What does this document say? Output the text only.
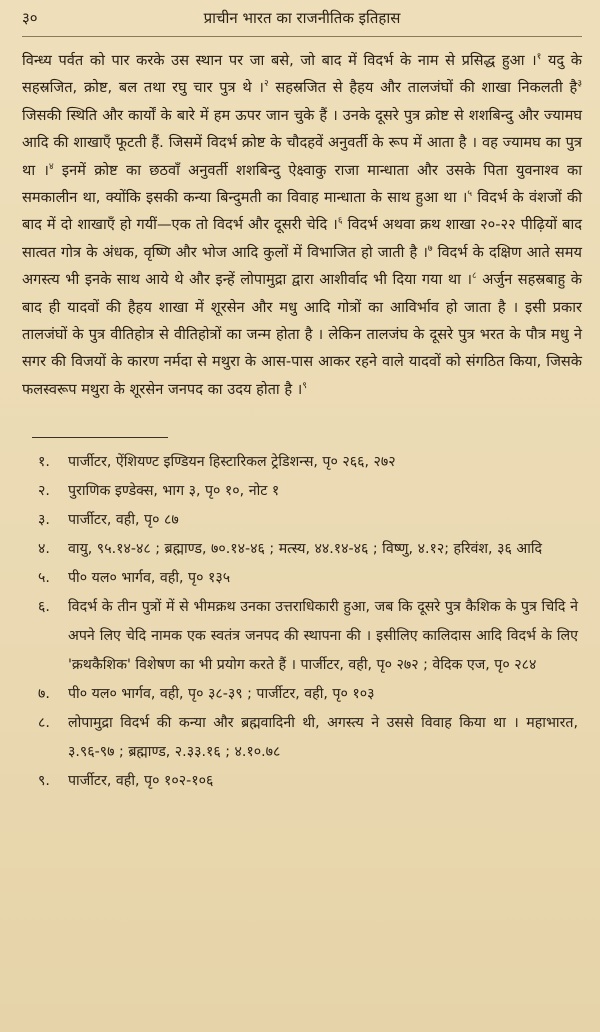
३०	प्राचीन भारत का राजनीतिक इतिहास

विन्ध्य पर्वत को पार करके उस स्थान पर जा बसे, जो बाद में विदर्भ के नाम से प्रसिद्ध हुआ ।$^१$ यदु के सहस्रजित, क्रोष्ट, बल तथा रघु चार पुत्र थे ।$^२$ सहस्रजित से हैहय और तालजंघों की शाखा निकलती है$^३$ जिसकी स्थिति और कार्यों के बारे में हम ऊपर जान चुके हैं । उनके दूसरे पुत्र क्रोष्ट से शशबिन्दु और ज्यामघ आदि की शाखाएँ फूटती हैं. जिसमें विदर्भ क्रोष्ट के चौदहवें अनुवर्ती के रूप में आता है । वह ज्यामघ का पुत्र था ।$^४$ इनमें क्रोष्ट का छठवाँ अनुवर्ती शशबिन्दु ऐक्ष्वाकु राजा मान्धाता और उसके पिता युवनाश्व का समकालीन था, क्योंकि इसकी कन्या बिन्दुमती का विवाह मान्धाता के साथ हुआ था ।$^५$ विदर्भ के वंशजों की बाद में दो शाखाएँ हो गयीं—एक तो विदर्भ और दूसरी चेदि ।$^६$ विदर्भ अथवा क्रथ शाखा २०-२२ पीढ़ियों बाद सात्वत गोत्र के अंधक, वृष्णि और भोज आदि कुलों में विभाजित हो जाती है ।$^७$ विदर्भ के दक्षिण आते समय अगस्त्य भी इनके साथ आये थे और इन्हें लोपामुद्रा द्वारा आशीर्वाद भी दिया गया था ।$^८$ अर्जुन सहस्रबाहु के बाद ही यादवों की हैहय शाखा में शूरसेन और मधु आदि गोत्रों का आविर्भाव हो जाता है । इसी प्रकार तालजंघों के पुत्र वीतिहोत्र से वीतिहोत्रों का जन्म होता है । लेकिन तालजंघ के दूसरे पुत्र भरत के पौत्र मधु ने सगर की विजयों के कारण नर्मदा से मथुरा के आस-पास आकर रहने वाले यादवों को संगठित किया, जिसके फलस्वरूप मथुरा के शूरसेन जनपद का उदय होता है ।$^९$

१.	पार्जीटर, ऐंशियण्ट इण्डियन हिस्टारिकल ट्रेडिशन्स, पृ० २६६, २७२
२.	पुराणिक इण्डेक्स, भाग ३, पृ० १०, नोट १
३.	पार्जीटर, वही, पृ० ८७
४.	वायु, ९५.१४-४८ ; ब्रह्माण्ड, ७०.१४-४६ ; मत्स्य, ४४.१४-४६ ; विष्णु, ४.१२; हरिवंश, ३६ आदि
५.	पी० यल० भार्गव, वही, पृ० १३५
६.	विदर्भ के तीन पुत्रों में से भीमक्रथ उनका उत्तराधिकारी हुआ, जब कि दूसरे पुत्र कैशिक के पुत्र चिदि ने अपने लिए चेदि नामक एक स्वतंत्र जनपद की स्थापना की । इसीलिए कालिदास आदि विदर्भ के लिए 'क्रथकैशिक' विशेषण का भी प्रयोग करते हैं । पार्जीटर, वही, पृ० २७२ ; वेदिक एज, पृ० २८४
७.	पी० यल० भार्गव, वही, पृ० ३८-३९ ; पार्जीटर, वही, पृ० १०३
८.	लोपामुद्रा विदर्भ की कन्या और ब्रह्मवादिनी थी, अगस्त्य ने उससे विवाह किया था । महाभारत, ३.९६-९७ ; ब्रह्माण्ड, २.३३.१६ ; ४.१०.७८
९.	पार्जीटर, वही, पृ० १०२-१०६
